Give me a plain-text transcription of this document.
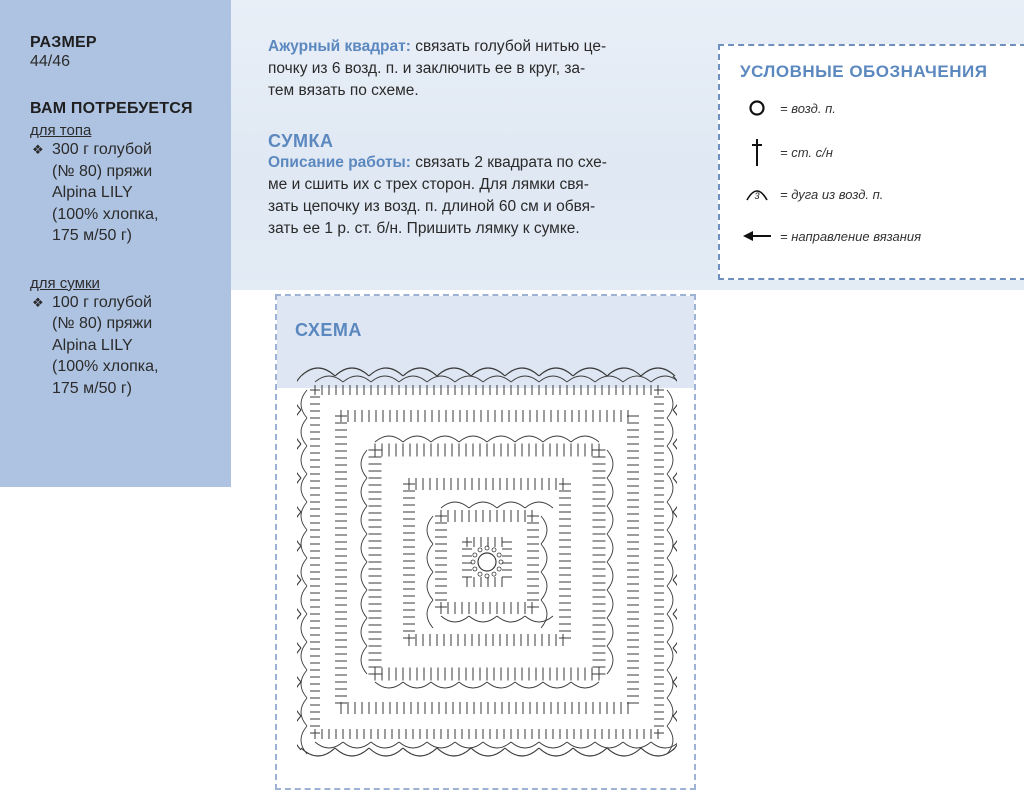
РАЗМЕР
44/46
ВАМ ПОТРЕБУЕТСЯ
для топа
❖ 300 г голубой
(№ 80) пряжи
Alpina LILY
(100% хлопка,
175 м/50 г)
для сумки
❖ 100 г голубой
(№ 80) пряжи
Alpina LILY
(100% хлопка,
175 м/50 г)
Ажурный квадрат: связать голубой нитью це-
почку из 6 возд. п. и заключить ее в круг, за-
тем вязать по схеме.
СУМКА
Описание работы: связать 2 квадрата по схе-
ме и сшить их с трех сторон. Для лямки свя-
зать цепочку из возд. п. длиной 60 см и обвя-
зать ее 1 р. ст. б/н. Пришить лямку к сумке.
УСЛОВНЫЕ ОБОЗНАЧЕНИЯ
= возд. п.
= ст. с/н
3 = дуга из возд. п.
= направление вязания
СХЕМА
